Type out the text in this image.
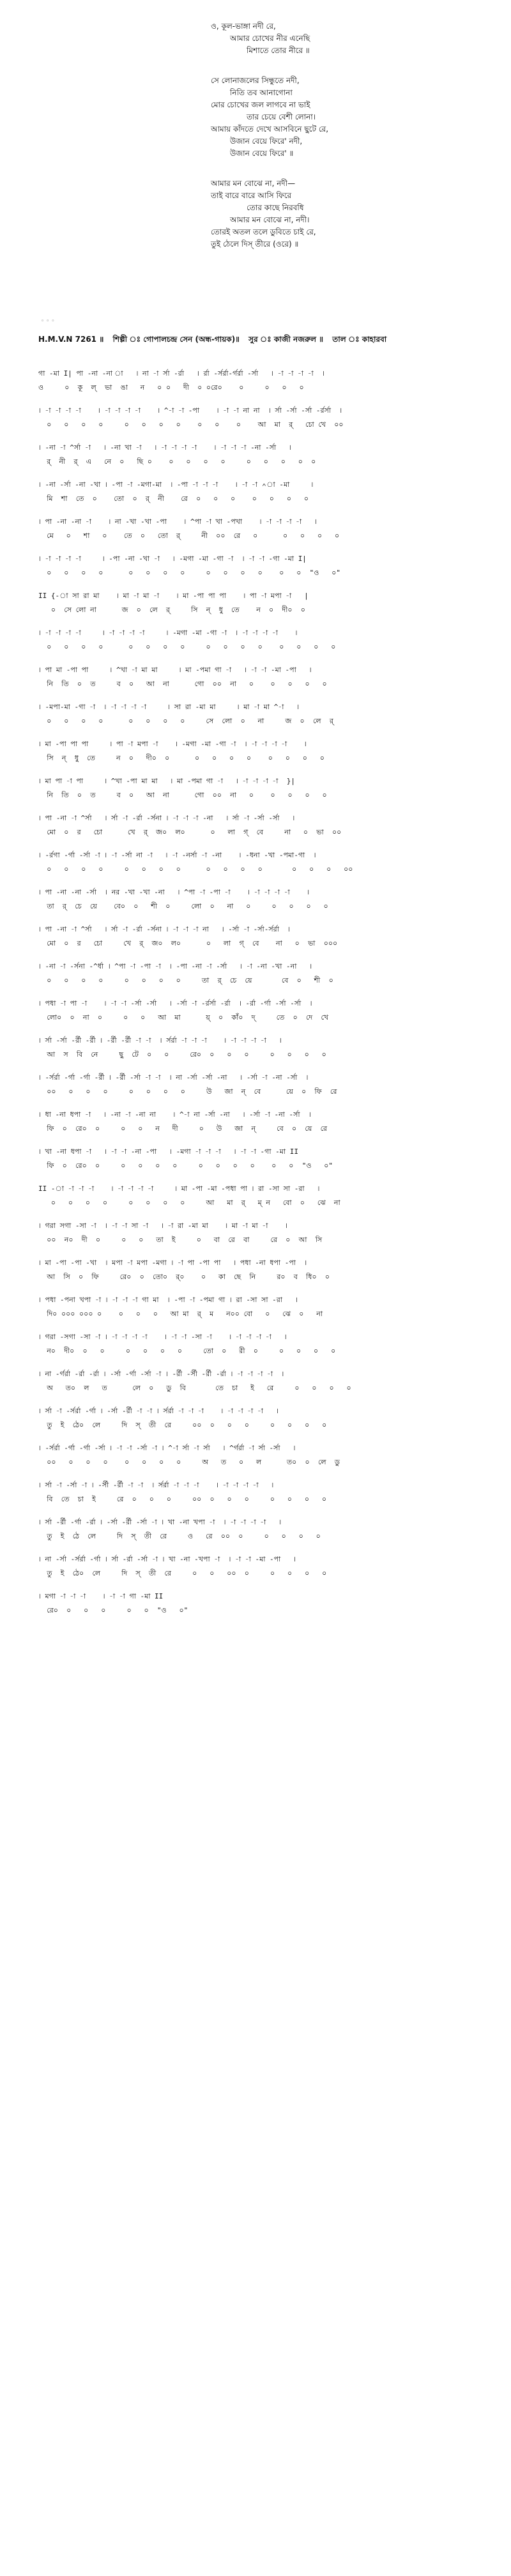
ও, কূল-ভাঙ্গা নদী রে,
আমার চোখের নীর এনেছি
মিশাতে তোর নীরে ॥
সে লোনাজলের সিন্ধুতে নদী,
নিতি তব আনাগোনা
মোর চোখের জল লাগবে না ভাই
তার চেয়ে বেশী লোনা।
আমায় কাঁদতে দেখে আসবিনে ছুটে রে,
উজান বেয়ে ফিরে' নদী,
উজান বেয়ে ফিরে' ॥
আমার মন বোঝে না, নদী—
তাই বারে বারে আসি ফিরে
তোর কাছে নিরবধি
আমার মন বোঝে না, নদী।
তোরই অতল তলে ডুবিতে চাই রে,
তুই ঠেলে দিস্ তীরে (ওরে) ॥
◦ ◦ ◦
H.M.V.N 7261 ॥ শিল্পী ঃ গোপালচন্দ্র সেন (অন্ধ-গায়ক)॥ সুর ঃ কাজী নজরুল ॥ তাল ঃ কাহারবা
গা -মা I| পা -না -না া   । না -া র্সা -র্রা   । র্রা -র্সর্রা-র্গর্রা -র্সা   । -া -া -া -া  ।
ও     ০  কূ  ল্  ভা  ঙা   ন   ০ ০   দী  ০ ০রে০    ০     ০   ০   ০
। -া -া -া -া    । -া -া -া -া    । ^-া -া -পা    । -া -া না না  । র্সা -র্সা -র্সা -র্রর্সা  ।
০   ০   ০   ০     ০   ০   ০   ০    ০   ০    ০    আ  মা  র্   চো খে  ০০
। -না -া ^র্সা -া   । -না খা -া   । -া -া -া -া    । -া -া -া -না -র্সা   ।
র্  নী  র্  এ   নে  ০   ছি ০    ০   ০   ০   ০     ০   ০   ০   ০  ০
। -না -র্সা -না -খা । -পা -া -মগা-মা  । -পা -া -া -া    । -া -া ^া -মা     ।
মি  শা  তে  ০    তো  ০  র্  নী    রে  ০   ০   ০    ০   ০   ০   ০
। পা -না -না -া    । না -খা -খা -পা    । ^পা -া খা -পখা    । -া -া -া -া   ।
মে   ০   শা   ০    তে  ০   তো  র্     নী  ০০  রে   ০      ০   ০   ০   ০
। -া -া -া -া     । -পা -না -খা -া   । -মগা -মা -গা -া  । -া -া -গা -মা I|
০   ০   ০   ০      ০   ০   ০   ০     ০   ০   ০   ০    ০   ০  "ও   ০"
II {-া সা রা মা    । মা -া মা -া    । মা -পা পা পা    । পা -া মপা -া   |
০  সে লো না      জ  ০  লে  র্     সি  ন্  ধু  তে    ন  ০  দী০  ০
। -া -া -া -া     । -া -া -া -া     । -মগা -মা -গা -া  । -া -া -া -া    ।
০   ০   ০   ০      ০   ০   ০   ০     ০   ০   ০   ০    ০   ০   ০   ০
। পা মা -পা পা     । ^খা -া মা মা     । মা -পমা গা -া   । -া -া -মা -পা   ।
নি  তি  ০  ত     ব  ০   আ  না      গো  ০০  না   ০    ০   ০   ০   ০
। -মপা-মা -গা -া  । -া -া -া -া     । সা রা -মা মা     । মা -া মা ^-া   ।
০   ০   ০   ০      ০   ০   ০   ০     সে  লো  ০   না     জ  ০  লে  র্
। মা -পা পা পা     । পা -া মপা -া    । -মগা -মা -গা -া  । -া -া -া -া    ।
সি  ন্  ধু  তে     ন  ০   দী০  ০      ০   ০   ০   ০    ০   ০   ০   ০
। মা পা -া পা     । ^খা -পা মা মা   । মা -পমা গা -া   । -া -া -া -া  }|
নি  তি  ০  ত     ব  ০   আ  না      গো  ০০  না   ০    ০   ০   ০   ০
। পা -না -া ^র্সা   । র্সা -া -র্রা -র্সনা । -া -া -া -না   । র্সা -া -র্সা -র্সা   ।
মো  ০  র   চো      খে  র্  জ০  ল০      ০   লা  গ্  বে     না   ০  ভা  ০০
। -র্রগা -র্গা -র্সা -া । -া -র্সা না -া   । -া -নর্সা -া -না    । -ধনা -খা -পমা-গা  ।
০   ০   ০   ০     ০   ০   ০   ০      ০   ০   ০   ০       ০   ০   ০   ০০
। পা -না -না -র্সা  । নর -খা -খা -না   । ^পা -া -পা -া    । -া -া -া -া    ।
তা  র্  চে  য়ে    বে০  ০   শী  ০     লো  ০   না   ০     ০   ০   ০   ০
। পা -না -া ^র্সা   । র্সা -া -র্রা -র্সনা । -া -া -া না   । -র্সা -া -র্সা-র্সর্রা  ।
মো  ০  র   চো     খে  র্  জ০  ল০      ০   লা  গ্  বে    না   ০  ভা  ০০০
। -না -া -র্সনা -^র্ধা । ^পা -া -পা -া  । -পা -না -া -র্সা   । -া -না -খা -না   ।
০   ০   ০   ০     ০   ০   ০   ০     তা  র্  চে  য়ে       বে  ০   শী  ০
। পধা -া পা -া    । -া -া -র্সা -র্সা   । -র্সা -া -র্রর্সা -র্রা  । -র্রা -র্গা -র্সা -র্সা  ।
লো০  ০  না  ০     ০   ০   আ  মা      য়্  ০  কাঁ০  দ্     তে  ০  দে  খে
। র্সা -র্সা -র্রী -র্রী । -র্রী -র্রী -া -া  । র্সর্রা -া -া -া    । -া -া -া -া   ।
আ  স  বি  নে     ছু  টে  ০   ০     রে০  ০   ০   ০     ০   ০   ০   ০
। -র্সর্রা -র্গা -র্গা -র্রী । -র্রী -র্সা -া -া  । না -র্সা -র্সা -না   । -র্সা -া -না -র্সা  ।
০০   ০   ০   ০     ০   ০   ০   ০     উ   জা  ন্  বে      য়ে  ০  ফি  রে
। ধা -না ধপা -া   । -না -া -না না    । ^-া না -র্সা -না   । -র্সা -া -না -র্সা  ।
ফি  ০  রে০  ০     ০   ০   ন   দী     ০   উ   জা  ন্     বে  ০  য়ে  রে
। খা -না ধপা -া   । -া -া -না -পা   । -মগা -া -া -া   । -া -া -গা -মা II
ফি  ০  রে০  ০     ০   ০   ০   ০     ০   ০   ০   ০    ০   ০  "ও   ০"
II -া -া -া -া    । -া -া -া -া     । মা -পা -মা -পধা পা । রা -সা সা -রা   ।
০   ০   ০   ০     ০   ০   ০   ০     আ   মা  র্   ম্ ন   বো  ০   ঝে  না
। গরা সগা -সা -া  । -া -া সা -া   । -া রা -মা মা    । মা -া মা -া    ।
০০  ন০  দী  ০     ০   ০   তা  ই     ০   বা  রে  বা     রে  ০  আ  সি
। মা -পা -পা -খা  । মপা -া মপা -মগা । -া পা -পা পা   । পধা -না ধপা -পা  ।
আ  সি  ০  ফি     রে০  ০  তো০  র্০    ০   কা  ছে  নি     র০  ব  ধি০  ০
। পধা -পনা খপা -া । -া -া -া গা মা  । -পা -া -পমা গা । রা -সা সা -রা   ।
দি০ ০০০ ০০০ ০    ০   ০   ০   আ মা  র্  ম   ন০০ বো   ০   ঝে  ০   না
। গরা -সগা -সা -া । -া -া -া -া    । -া -া -সা -া    । -া -া -া -া   ।
ন০  দী০  ০   ০     ০   ০   ০   ০     তো  ০   রী  ০     ০   ০   ০   ০
। না -র্গর্রা -র্রা -র্রা । -র্সা -র্গা -র্সা -া । -র্রী -র্সী -র্রী -র্রা । -া -া -া -া  ।
অ   ত০  ল   ত      লে  ০   ডু  বি       তে  চা   ই   রে     ০   ০   ০   ০
। র্সা -া -র্সর্রা -র্গা । -র্সা -র্রী -া -া । র্সর্রা -া -া -া    । -া -া -া -া   ।
তু  ই  ঠে০  লে     দি  স্  তী  রে     ০০  ০   ০   ০     ০   ০   ০   ০
। -র্সর্রা -র্গা -র্গা -র্সা । -া -া -র্সা -া । ^-া র্সা -া র্সা   । ^র্গর্রা -া র্সা -র্সা   ।
০০   ০   ০   ০    ০   ০   ০   ০     অ   ত   ০   ল      ত০  ০  লে  ডু
। র্সা -া -র্সা -া । -র্সী -র্রী -া -া  । র্সর্রা -া -া -া    । -া -া -া -া   ।
বি  তে  চা  ই     রে  ০   ০   ০     ০০  ০   ০   ০     ০   ০   ০   ০
। র্সা -র্রী -র্গা -র্রা । -র্সা -র্রী -র্সা -া । খা -না খপা -া  । -া -া -া -া   ।
তু  ই  ঠে  লে     দি  স্  তী  রে     ও   রে  ০০  ০     ০   ০   ০   ০
। না -র্সা -র্সর্রা -র্গা । র্সা -র্রা -র্সা -া । খা -না -খপা -া  । -া -া -মা -পা   ।
তু  ই  ঠে০  লে     দি  স্  তী  রে     ০   ০   ০০  ০     ০   ০   ০   ০
। মগা -া -া -া    । -া -া গা -মা II
রে০  ০   ০   ০     ০   ০  "ও   ০"
